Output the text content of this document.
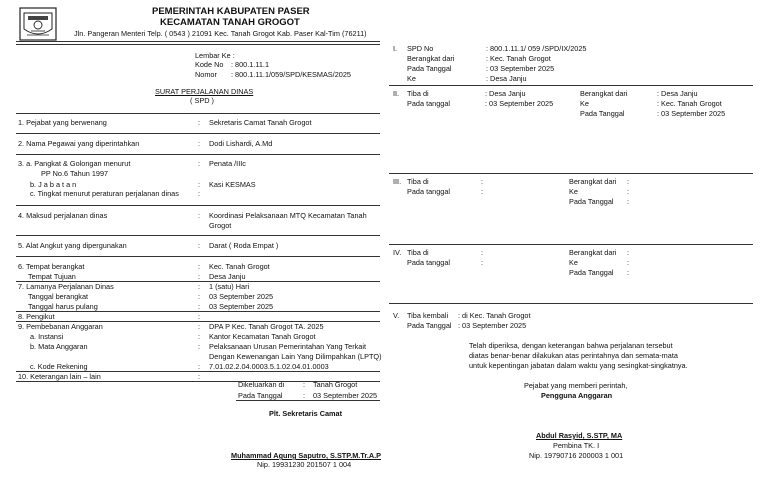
PEMERINTAH KABUPATEN PASER
KECAMATAN TANAH GROGOT
Jln. Pangeran Menteri Telp. ( 0543 ) 21091 Kec. Tanah Grogot Kab. Paser Kal-Tim (76211)
Lembar Ke :
Kode No : 800.1.11.1
Nomor : 800.1.11.1/059/SPD/KESMAS/2025
SURAT PERJALANAN DINAS
( SPD )
1. Pejabat yang berwenang	: Sekretaris Camat Tanah Grogot
2. Nama Pegawai yang diperintahkan	: Dodi Lishardi, A.Md
3. a. Pangkat & Golongan menurut	: Penata /IIIc
PP No.6 Tahun 1997
b. J a b a t a n	: Kasi KESMAS
c. Tingkat menurut peraturan perjalanan dinas	:
4. Maksud perjalanan dinas	: Koordinasi Pelaksanaan MTQ Kecamatan Tanah
Grogot
5. Alat Angkut yang dipergunakan	: Darat ( Roda Empat )
6. Tempat berangkat	: Kec. Tanah Grogot
Tempat Tujuan	: Desa Janju
7. Lamanya Perjalanan Dinas	: 1 (satu) Hari
Tanggal berangkat	: 03 September 2025
Tanggal harus pulang	: 03 September 2025
8. Pengikut	:
9. Pembebanan Anggaran	: DPA P Kec. Tanah Grogot TA. 2025
a. Instansi	: Kantor Kecamatan Tanah Grogot
b. Mata Anggaran	: Pelaksanaan Urusan Pemerintahan Yang Terkait
Dengan Kewenangan Lain Yang Dilimpahkan (LPTQ)
c. Kode Rekening	: 7.01.02.2.04.0003.5.1.02.04.01.0003
10. Keterangan lain – lain	:
Dikeluarkan di	: Tanah Grogot
Pada Tanggal	: 03 September 2025
Plt. Sekretaris Camat
Muhammad Agung Saputro, S.STP.M.Tr.A.P
Nip. 19931230 201507 1 004
I. SPD No	: 800.1.11.1/ 059 /SPD/IX/2025
Berangkat dari	: Kec. Tanah Grogot
Pada Tanggal	: 03 September 2025
Ke	: Desa Janju
II. Tiba di	: Desa Janju
Pada tanggal	: 03 September 2025
Berangkat dari	: Desa Janju
Ke	: Kec. Tanah Grogot
Pada Tanggal	: 03 September 2025
III. Tiba di	:
Pada tanggal	:
Berangkat dari :
Ke	:
Pada Tanggal :
IV. Tiba di	:
Pada tanggal	:
Berangkat dari :
Ke	:
Pada Tanggal :
V. Tiba kembali : di Kec. Tanah Grogot
Pada Tanggal : 03 September 2025
Telah diperiksa, dengan keterangan bahwa perjalanan tersebut
diatas benar-benar dilakukan atas perintahnya dan semata-mata
untuk kepentingan jabatan dalam waktu yang sesingkat-singkatnya.
Pejabat yang memberi perintah,
Pengguna Anggaran
Abdul Rasyid, S.STP, MA
Pembina TK. I
Nip. 19790716 200003 1 001
